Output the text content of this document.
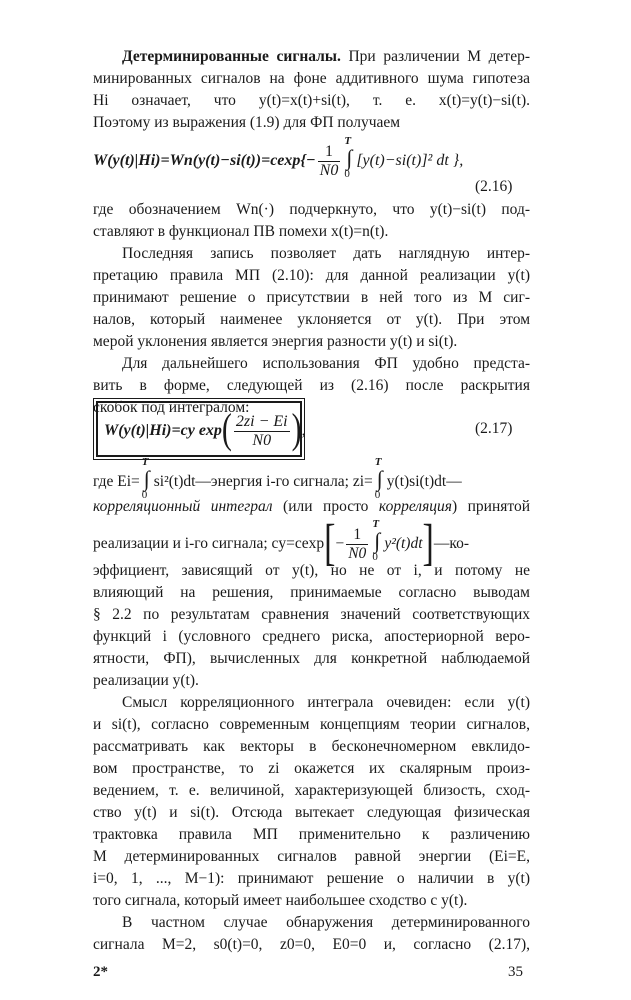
Детерминированные сигналы. При различении M детер-
минированных сигналов на фоне аддитивного шума гипотеза
Hi означает, что y(t)=x(t)+si(t), т. е. x(t)=y(t)−si(t).
Поэтому из выражения (1.9) для ФП получаем
$W(y(t)|Hi)=Wn(y(t)-si(t))=cexp\{- \frac{1}{N0}$
T
∫
0
[y(t)−si(t)]² dt },
(2.16)
где обозначением Wn(·) подчеркнуто, что y(t)−si(t) под-
ставляют в функционал ПВ помехи x(t)=n(t).
Последняя запись позволяет дать наглядную интер-
претацию правила МП (2.10): для данной реализации y(t)
принимают решение о присутствии в ней того из M сиг-
налов, который наименее уклоняется от y(t). При этом
мерой уклонения является энергия разности y(t) и si(t).
Для дальнейшего использования ФП удобно предста-
вить в форме, следующей из (2.16) после раскрытия
скобок под интегралом:
W(y(t)|Hi)=cy $\exp( \frac{2zi - Ei}{N0}$ ),	(2.17)
где Ei=
T
∫
0
si²(t)dt—энергия i-го сигнала; zi=
T
∫
0
y(t)si(t)dt—
корреляционный интеграл (или просто корреляция) принятой
реализации и i-го сигнала; $cy=cexp[- \frac{1}{N0}$
T
∫
0
y²(t)dt]—ко-
эффициент, зависящий от y(t), но не от i, и потому не
влияющий на решения, принимаемые согласно выводам
§ 2.2 по результатам сравнения значений соответствующих
функций i (условного среднего риска, апостериорной веро-
ятности, ФП), вычисленных для конкретной наблюдаемой
реализации y(t).
Смысл корреляционного интеграла очевиден: если y(t)
и si(t), согласно современным концепциям теории сигналов,
рассматривать как векторы в бесконечномерном евклидо-
вом пространстве, то zi окажется их скалярным произ-
ведением, т. е. величиной, характеризующей близость, сход-
ство y(t) и si(t). Отсюда вытекает следующая физическая
трактовка правила МП применительно к различению
M детерминированных сигналов равной энергии (Ei=E,
i=0, 1, ..., M−1): принимают решение о наличии в y(t)
того сигнала, который имеет наибольшее сходство с y(t).
В частном случае обнаружения детерминированного
сигнала M=2, s0(t)=0, z0=0, E0=0 и, согласно (2.17),
2*	35
